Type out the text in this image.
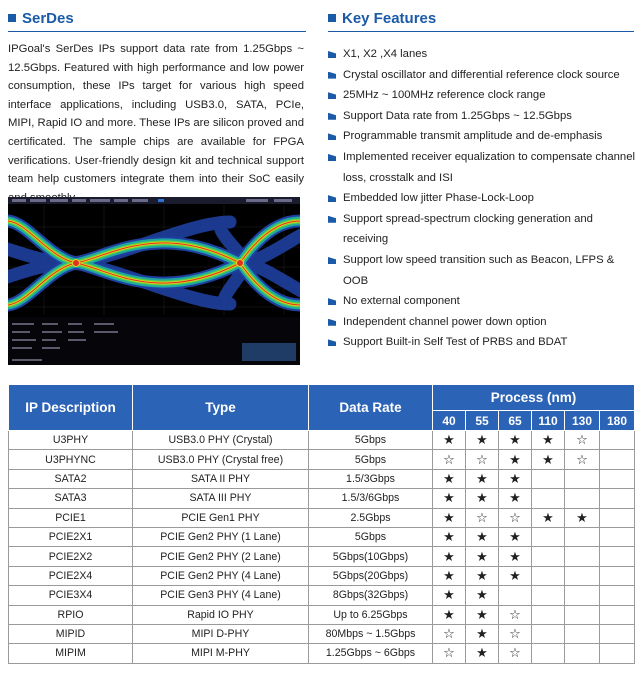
SerDes

IPGoal's SerDes IPs support data rate from 1.25Gbps ~ 12.5Gbps. Featured with high performance and low power consumption, these IPs target for various high speed interface applications, including USB3.0, SATA, PCIe, MIPI, Rapid IO and more. These IPs are silicon proved and certificated. The sample chips are available for FPGA verifications. User-friendly design kit and technical support team help customers integrate them into their SoC easily

Key Features
X1, X2 ,X4 lanes
Crystal oscillator and differential reference clock source
25MHz ~ 100MHz reference clock range
Support Data rate from 1.25Gbps ~ 12.5Gbps
Programmable transmit amplitude and de-emphasis
Implemented receiver equalization to compensate channel loss, crosstalk and ISI
Embedded low jitter Phase-Lock-Loop
Support spread-spectrum clocking generation and receiving
Support low speed transition such as Beacon, LFPS & OOB
No external component
Independent channel power down option
Support Built-in Self Test of PRBS and BDAT
IP Description	Type	Data Rate	Process (nm)					
			40	55	65	110	130	180
U3PHY	USB3.0 PHY (Crystal)	5Gbps	★	★	★	★	☆	
U3PHYNC	USB3.0 PHY (Crystal free)	5Gbps	☆	☆	★	★	☆	
SATA2	SATA II PHY	1.5/3Gbps	★	★	★			
SATA3	SATA III PHY	1.5/3/6Gbps	★	★	★			
PCIE1	PCIE Gen1 PHY	2.5Gbps	★	☆	☆	★	★	
PCIE2X1	PCIE Gen2 PHY (1 Lane)	5Gbps	★	★	★			
PCIE2X2	PCIE Gen2 PHY (2 Lane)	5Gbps(10Gbps)	★	★	★			
PCIE2X4	PCIE Gen2 PHY (4 Lane)	5Gbps(20Gbps)	★	★	★			
PCIE3X4	PCIE Gen3 PHY (4 Lane)	8Gbps(32Gbps)	★	★				
RPIO	Rapid IO PHY	Up to 6.25Gbps	★	★	☆			
MIPID	MIPI D-PHY	80Mbps ~ 1.5Gbps	☆	★	☆			
MIPIM	MIPI M-PHY	1.25Gbps ~ 6Gbps	☆	★	☆			
